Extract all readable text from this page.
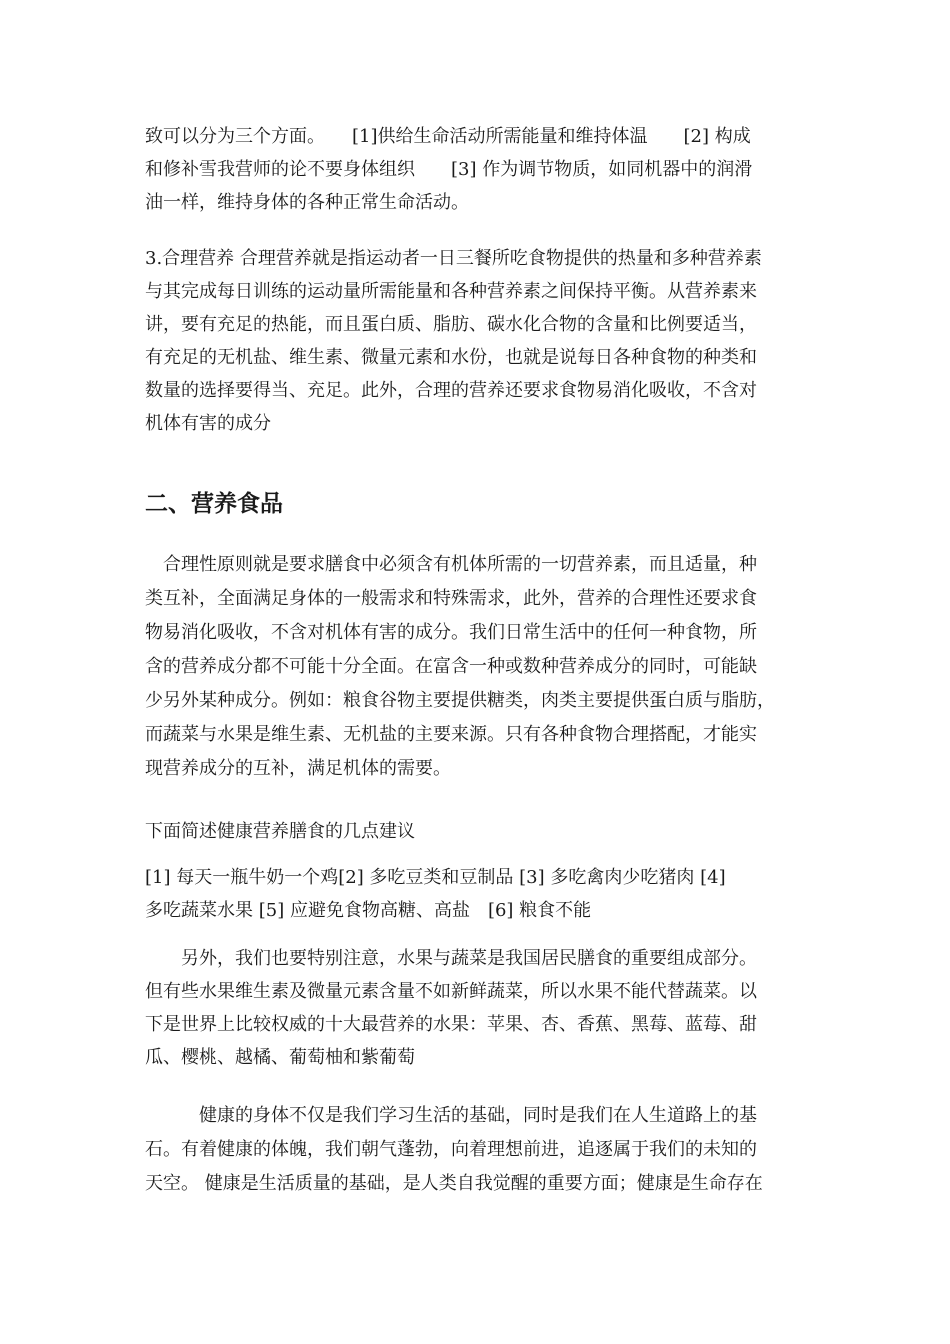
致可以分为三个方面。　　[1]供给生命活动所需能量和维持体温　　[2] 构成
和修补雪我营师的论不要身体组织　　[3] 作为调节物质，如同机器中的润滑
油一样，维持身体的各种正常生命活动。

3.合理营养 合理营养就是指运动者一日三餐所吃食物提供的热量和多种营养素
与其完成每日训练的运动量所需能量和各种营养素之间保持平衡。从营养素来
讲，要有充足的热能，而且蛋白质、脂肪、碳水化合物的含量和比例要适当，
有充足的无机盐、维生素、微量元素和水份，也就是说每日各种食物的种类和
数量的选择要得当、充足。此外，合理的营养还要求食物易消化吸收，不含对
机体有害的成分

二、营养食品

　合理性原则就是要求膳食中必须含有机体所需的一切营养素，而且适量，种
类互补，全面满足身体的一般需求和特殊需求，此外，营养的合理性还要求食
物易消化吸收，不含对机体有害的成分。我们日常生活中的任何一种食物，所
含的营养成分都不可能十分全面。在富含一种或数种营养成分的同时，可能缺
少另外某种成分。例如：粮食谷物主要提供糖类，肉类主要提供蛋白质与脂肪，
而蔬菜与水果是维生素、无机盐的主要来源。只有各种食物合理搭配，才能实
现营养成分的互补，满足机体的需要。

下面简述健康营养膳食的几点建议

[1] 每天一瓶牛奶一个鸡[2] 多吃豆类和豆制品 [3] 多吃禽肉少吃猪肉 [4]
多吃蔬菜水果 [5] 应避免食物高糖、高盐　[6] 粮食不能

　　另外，我们也要特别注意，水果与蔬菜是我国居民膳食的重要组成部分。
但有些水果维生素及微量元素含量不如新鲜蔬菜，所以水果不能代替蔬菜。以
下是世界上比较权威的十大最营养的水果：苹果、杏、香蕉、黑莓、蓝莓、甜
瓜、樱桃、越橘、葡萄柚和紫葡萄

　　　健康的身体不仅是我们学习生活的基础，同时是我们在人生道路上的基
石。有着健康的体魄，我们朝气蓬勃，向着理想前进，追逐属于我们的未知的
天空。 健康是生活质量的基础，是人类自我觉醒的重要方面；健康是生命存在
